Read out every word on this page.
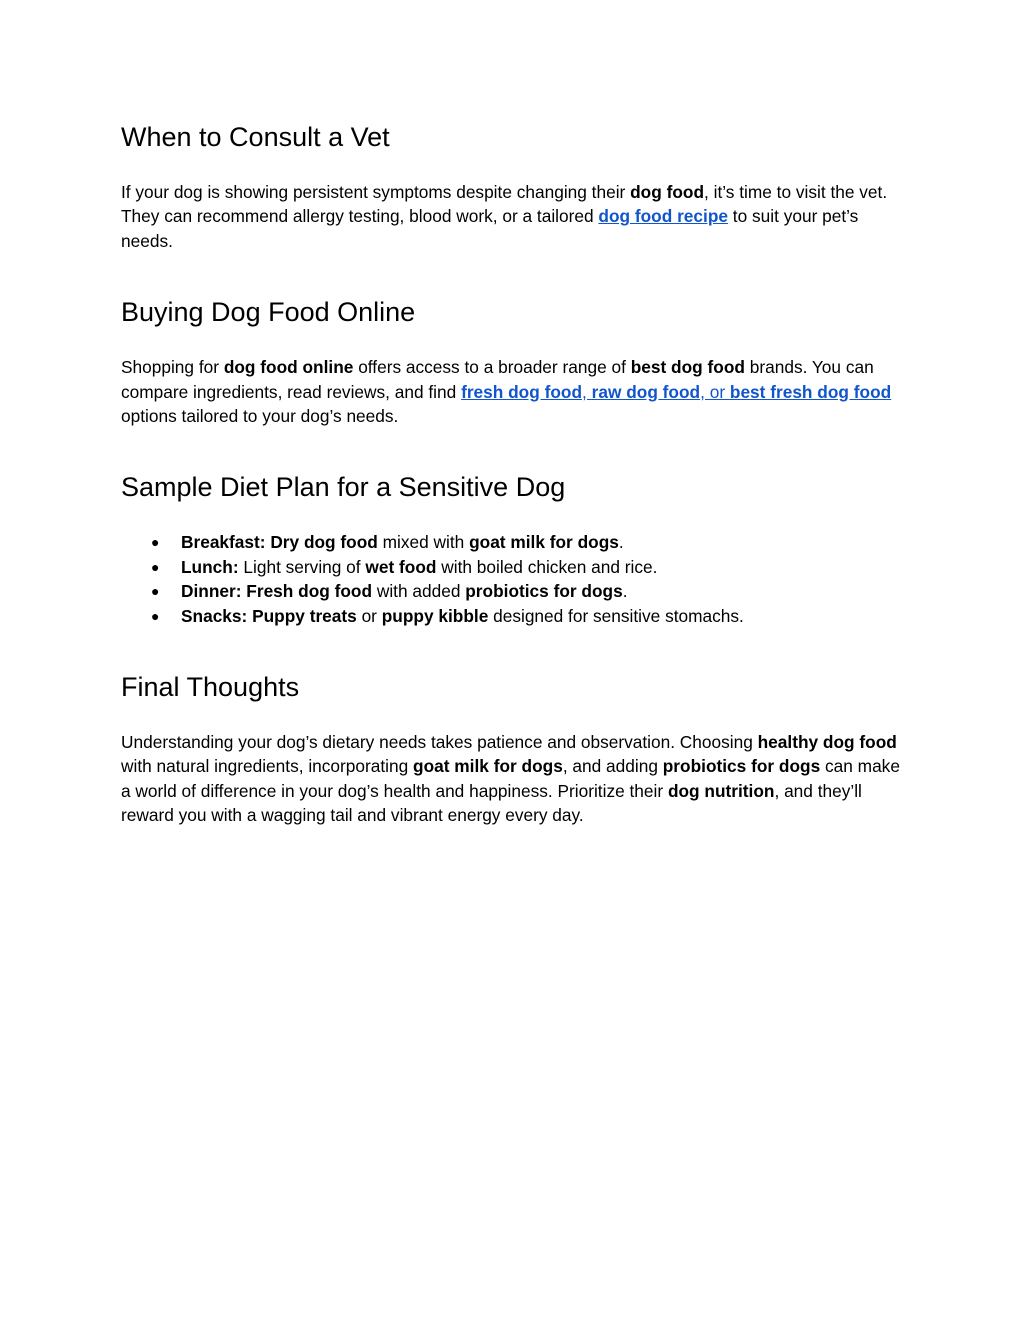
When to Consult a Vet

If your dog is showing persistent symptoms despite changing their dog food, it’s time to visit the vet. They can recommend allergy testing, blood work, or a tailored dog food recipe to suit your pet’s needs.

Buying Dog Food Online

Shopping for dog food online offers access to a broader range of best dog food brands. You can compare ingredients, read reviews, and find fresh dog food, raw dog food, or best fresh dog food options tailored to your dog’s needs.

Sample Diet Plan for a Sensitive Dog
● Breakfast: Dry dog food mixed with goat milk for dogs.
● Lunch: Light serving of wet food with boiled chicken and rice.
● Dinner: Fresh dog food with added probiotics for dogs.
● Snacks: Puppy treats or puppy kibble designed for sensitive stomachs.
Final Thoughts

Understanding your dog’s dietary needs takes patience and observation. Choosing healthy dog food with natural ingredients, incorporating goat milk for dogs, and adding probiotics for dogs can make a world of difference in your dog’s health and happiness. Prioritize their dog nutrition, and they’ll reward you with a wagging tail and vibrant energy every day.
